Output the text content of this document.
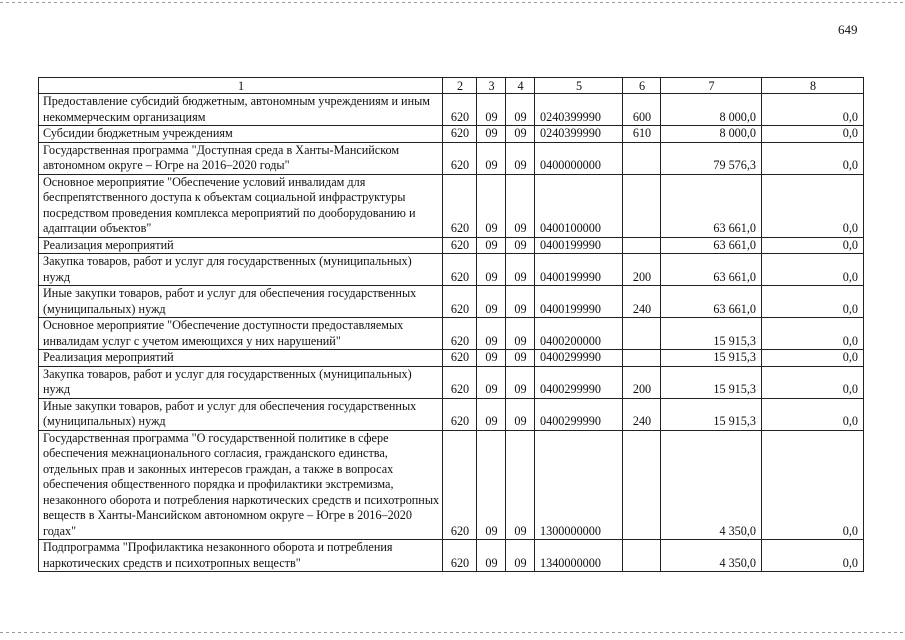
649
1	2	3	4	5	6	7	8
Предоставление субсидий бюджетным, автономным учреждениям и иным некоммерческим организациям	620	09	09	0240399990	600	8 000,0	0,0
Субсидии бюджетным учреждениям	620	09	09	0240399990	610	8 000,0	0,0
Государственная программа "Доступная среда в Ханты-Мансийском автономном округе – Югре на 2016–2020 годы"	620	09	09	0400000000		79 576,3	0,0
Основное мероприятие "Обеспечение условий инвалидам для беспрепятственного доступа к объектам социальной инфраструктуры посредством проведения комплекса мероприятий по дооборудованию и адаптации объектов"	620	09	09	0400100000		63 661,0	0,0
Реализация мероприятий	620	09	09	0400199990		63 661,0	0,0
Закупка товаров, работ и услуг для государственных (муниципальных) нужд	620	09	09	0400199990	200	63 661,0	0,0
Иные закупки товаров, работ и услуг для обеспечения государственных (муниципальных) нужд	620	09	09	0400199990	240	63 661,0	0,0
Основное мероприятие "Обеспечение доступности предоставляемых инвалидам услуг с учетом имеющихся у них нарушений"	620	09	09	0400200000		15 915,3	0,0
Реализация мероприятий	620	09	09	0400299990		15 915,3	0,0
Закупка товаров, работ и услуг для государственных (муниципальных) нужд	620	09	09	0400299990	200	15 915,3	0,0
Иные закупки товаров, работ и услуг для обеспечения государственных (муниципальных) нужд	620	09	09	0400299990	240	15 915,3	0,0
Государственная программа "О государственной политике в сфере обеспечения межнационального согласия, гражданского единства, отдельных прав и законных интересов граждан, а также в вопросах обеспечения общественного порядка и профилактики экстремизма, незаконного оборота и потребления наркотических средств и психотропных веществ в Ханты-Мансийском автономном округе – Югре в 2016–2020 годах"	620	09	09	1300000000		4 350,0	0,0
Подпрограмма "Профилактика незаконного оборота и потребления наркотических средств и психотропных веществ"	620	09	09	1340000000		4 350,0	0,0
